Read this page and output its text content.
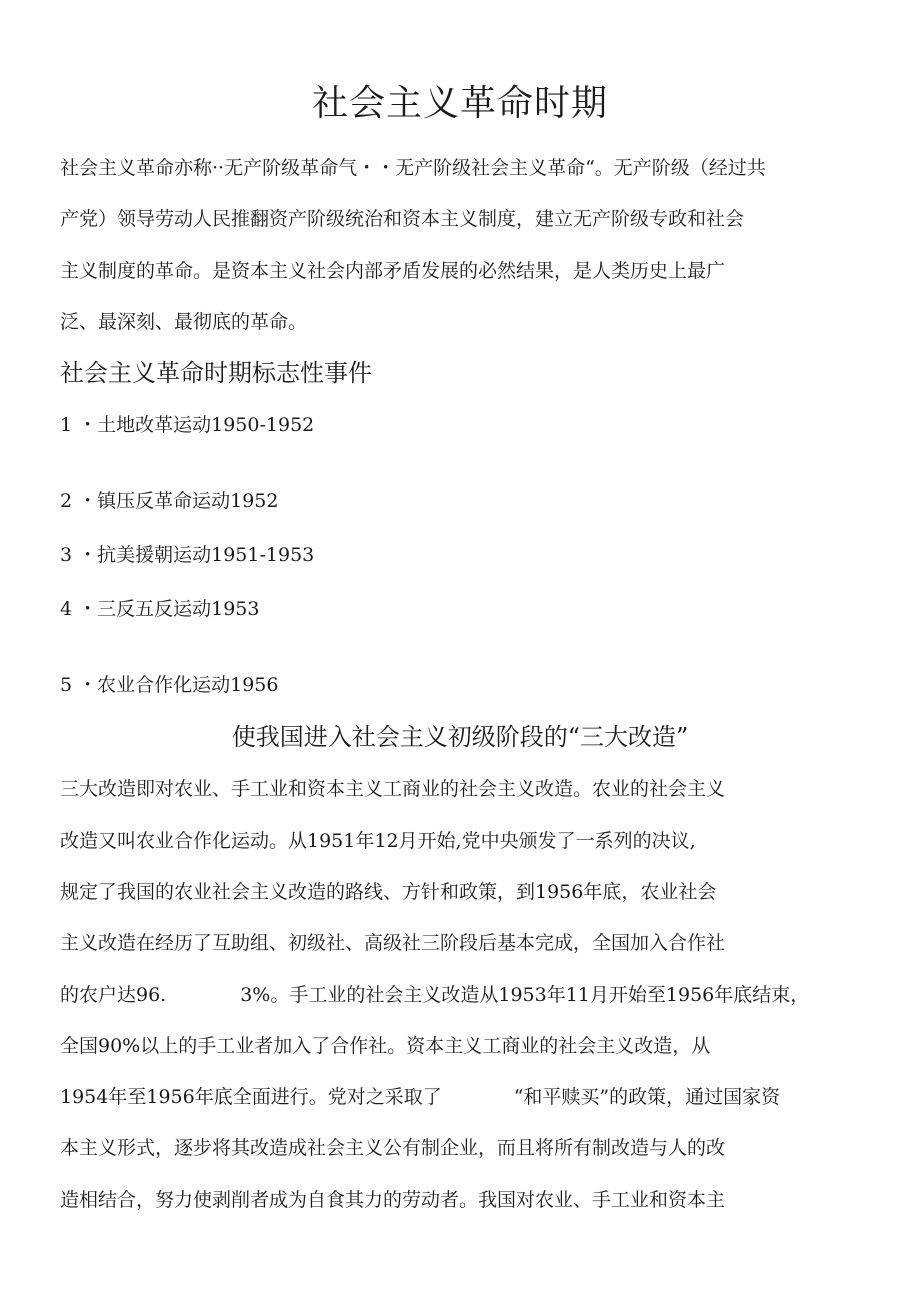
社会主义革命时期
社会主义革命亦称··无产阶级革命气・・无产阶级社会主义革命“。无产阶级（经过共
产党）领导劳动人民推翻资产阶级统治和资本主义制度，建立无产阶级专政和社会
主义制度的革命。是资本主义社会内部矛盾发展的必然结果，是人类历史上最广
泛、最深刻、最彻底的革命。
社会主义革命时期标志性事件
1 ・土地改革运动1950-1952
2 ・镇压反革命运动1952
3 ・抗美援朝运动1951-1953
4 ・三反五反运动1953
5 ・农业合作化运动1956
使我国进入社会主义初级阶段的“三大改造”
三大改造即对农业、手工业和资本主义工商业的社会主义改造。农业的社会主义
改造又叫农业合作化运动。从1951年12月开始,党中央颁发了一系列的决议,
规定了我国的农业社会主义改造的路线、方针和政策，到1956年底，农业社会
主义改造在经历了互助组、初级社、高级社三阶段后基本完成，全国加入合作社
的农户达96.	3%。手工业的社会主义改造从1953年11月开始至1956年底结束，
全国90%以上的手工业者加入了合作社。资本主义工商业的社会主义改造，从
1954年至1956年底全面进行。党对之采取了	“和平赎买”的政策，通过国家资
本主义形式，逐步将其改造成社会主义公有制企业，而且将所有制改造与人的改
造相结合，努力使剥削者成为自食其力的劳动者。我国对农业、手工业和资本主
